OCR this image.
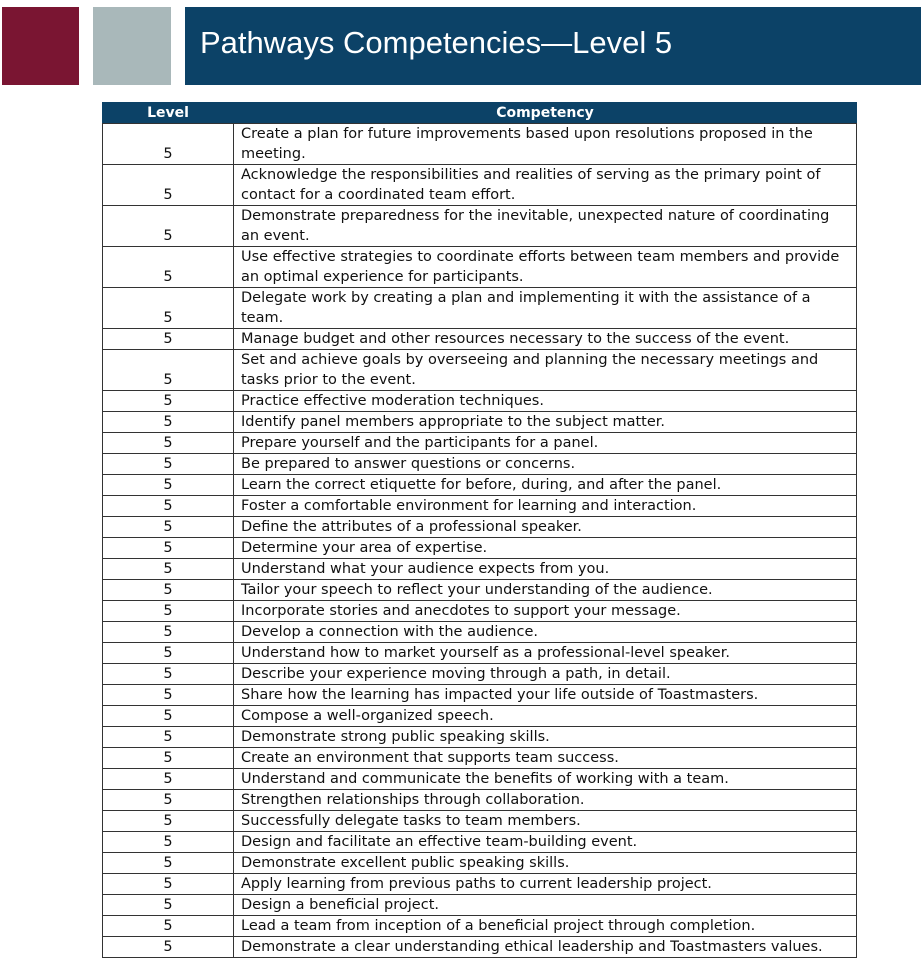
Pathways Competencies—Level 5
Level	Competency
5	Create a plan for future improvements based upon resolutions proposed in the meeting.
5	Acknowledge the responsibilities and realities of serving as the primary point of contact for a coordinated team effort.
5	Demonstrate preparedness for the inevitable, unexpected nature of coordinating an event.
5	Use effective strategies to coordinate efforts between team members and provide an optimal experience for participants.
5	Delegate work by creating a plan and implementing it with the assistance of a team.
5	Manage budget and other resources necessary to the success of the event.
5	Set and achieve goals by overseeing and planning the necessary meetings and tasks prior to the event.
5	Practice effective moderation techniques.
5	Identify panel members appropriate to the subject matter.
5	Prepare yourself and the participants for a panel.
5	Be prepared to answer questions or concerns.
5	Learn the correct etiquette for before, during, and after the panel.
5	Foster a comfortable environment for learning and interaction.
5	Define the attributes of a professional speaker.
5	Determine your area of expertise.
5	Understand what your audience expects from you.
5	Tailor your speech to reflect your understanding of the audience.
5	Incorporate stories and anecdotes to support your message.
5	Develop a connection with the audience.
5	Understand how to market yourself as a professional-level speaker.
5	Describe your experience moving through a path, in detail.
5	Share how the learning has impacted your life outside of Toastmasters.
5	Compose a well-organized speech.
5	Demonstrate strong public speaking skills.
5	Create an environment that supports team success.
5	Understand and communicate the benefits of working with a team.
5	Strengthen relationships through collaboration.
5	Successfully delegate tasks to team members.
5	Design and facilitate an effective team-building event.
5	Demonstrate excellent public speaking skills.
5	Apply learning from previous paths to current leadership project.
5	Design a beneficial project.
5	Lead a team from inception of a beneficial project through completion.
5	Demonstrate a clear understanding ethical leadership and Toastmasters values.
